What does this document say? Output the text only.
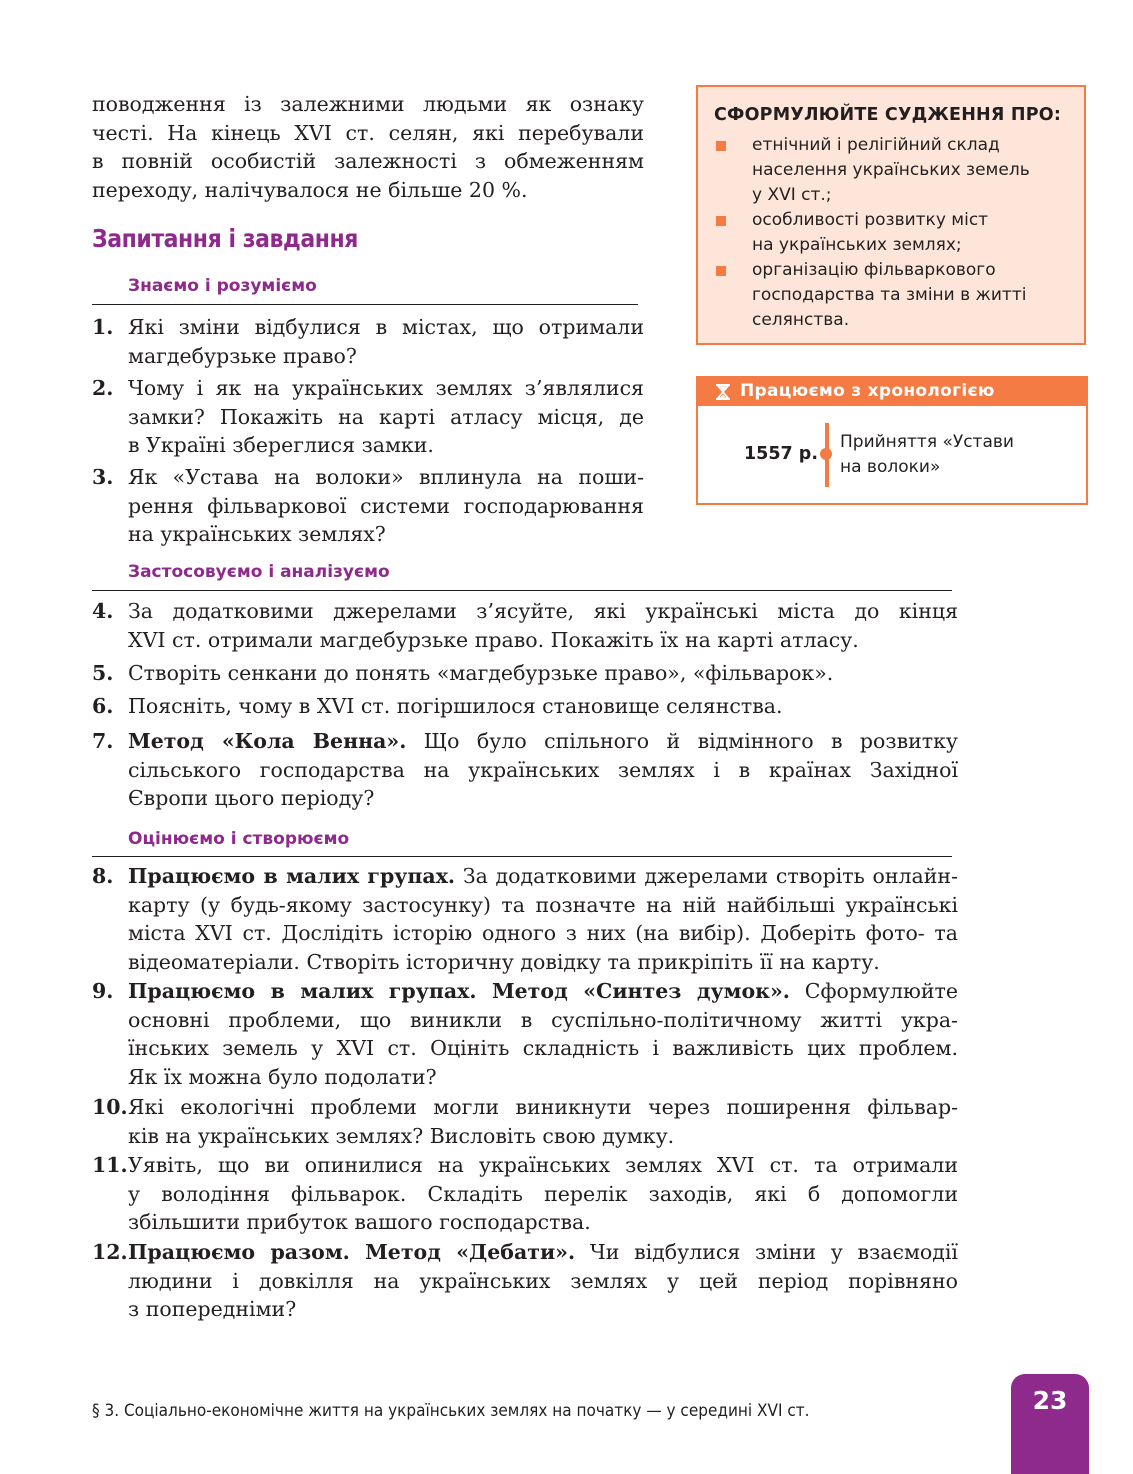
поводження із залежними людьми як ознаку
честі. На кінець XVI ст. селян, які перебували
в повній особистій залежності з обмеженням
переходу, налічувалося не більше 20 %.
Запитання і завдання
Знаємо і розуміємо
1. Які зміни відбулися в містах, що отримали
магдебурзьке право?
2. Чому і як на українських землях з’являлися
замки? Покажіть на карті атласу місця, де
в Україні збереглися замки.
3. Як «Устава на волоки» вплинула на поши-
рення фільваркової системи господарювання
на українських землях?
Застосовуємо і аналізуємо
4. За додатковими джерелами з’ясуйте, які українські міста до кінця
XVI ст. отримали магдебурзьке право. Покажіть їх на карті атласу.
5. Створіть сенкани до понять «магдебурзьке право», «фільварок».
6. Поясніть, чому в XVI ст. погіршилося становище селянства.
7. Метод «Кола Венна». Що було спільного й відмінного в розвитку
сільського господарства на українських землях і в країнах Західної
Європи цього періоду?
Оцінюємо і створюємо
8. Працюємо в малих групах. За додатковими джерелами створіть онлайн-
карту (у будь-якому застосунку) та позначте на ній найбільші українські
міста XVI ст. Дослідіть історію одного з них (на вибір). Доберіть фото- та
відеоматеріали. Створіть історичну довідку та прикріпіть її на карту.
9. Працюємо в малих групах. Метод «Синтез думок». Сформулюйте
основні проблеми, що виникли в суспільно-політичному житті укра-
їнських земель у XVI ст. Оцініть складність і важливість цих проблем.
Як їх можна було подолати?
10. Які екологічні проблеми могли виникнути через поширення фільвар-
ків на українських землях? Висловіть свою думку.
11. Уявіть, що ви опинилися на українських землях XVI ст. та отримали
у володіння фільварок. Складіть перелік заходів, які б допомогли
збільшити прибуток вашого господарства.
12. Працюємо разом. Метод «Дебати». Чи відбулися зміни у взаємодії
людини і довкілля на українських землях у цей період порівняно
з попередніми?
СФОРМУЛЮЙТЕ СУДЖЕННЯ ПРО:
етнічний і релігійний склад
населення українських земель
у XVI ст.;
особливості розвитку міст
на українських землях;
організацію фільваркового
господарства та зміни в житті
селянства.
Працюємо з хронологією
1557 р.
Прийняття «Устави
на волоки»
§ 3. Соціально-економічне життя на українських землях на початку — у середині XVI ст.	23
